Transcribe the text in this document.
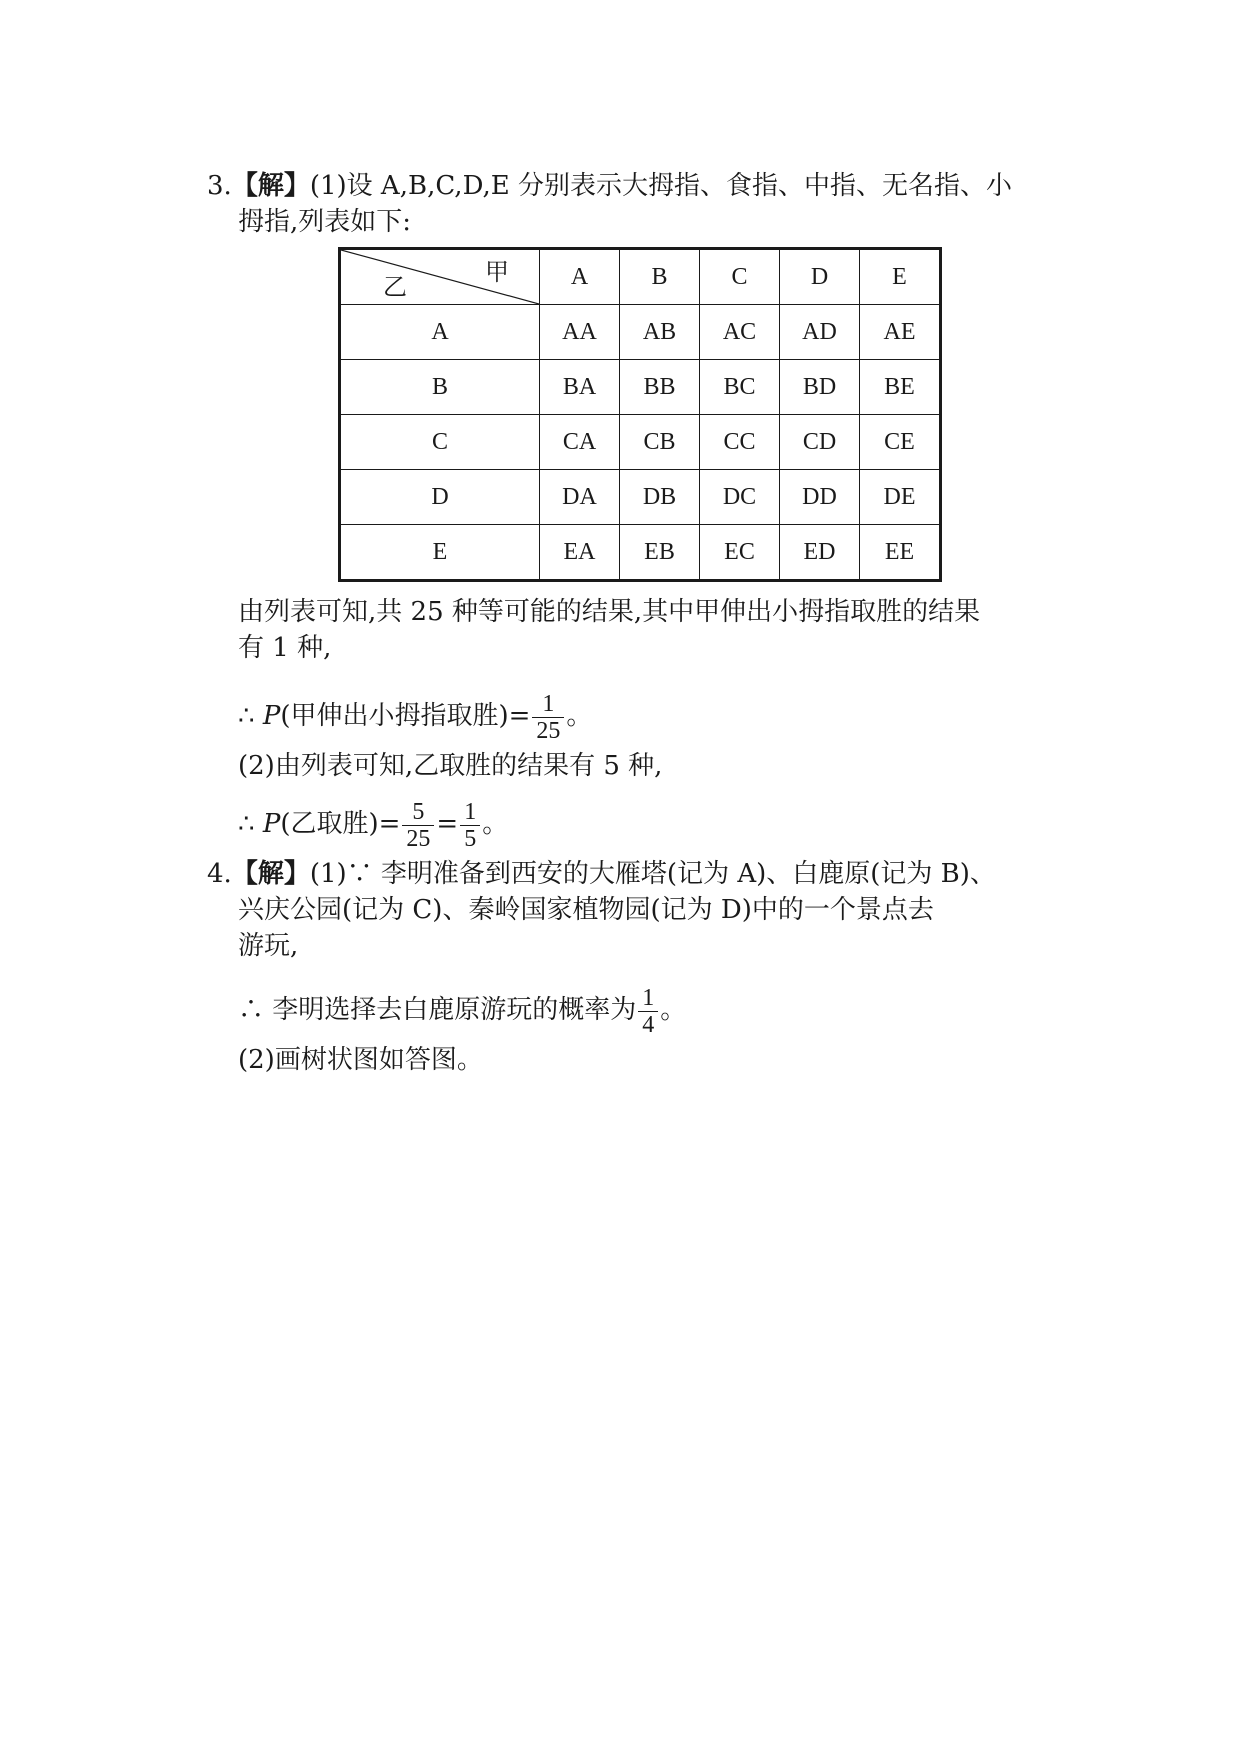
3.【解】(1)设 A,B,C,D,E 分别表示大拇指、食指、中指、无名指、小
拇指,列表如下:
甲
乙	A	B	C	D	E
A	AA	AB	AC	AD	AE
B	BA	BB	BC	BD	BE
C	CA	CB	CC	CD	CE
D	DA	DB	DC	DD	DE
E	EA	EB	EC	ED	EE
由列表可知,共 25 种等可能的结果,其中甲伸出小拇指取胜的结果
有 1 种,
∴ P(甲伸出小拇指取胜)= $\frac{1}{25}$ 。
(2)由列表可知,乙取胜的结果有 5 种,
∴ P(乙取胜)= $\frac{5}{25} = \frac{1}{5}$ 。
4.【解】(1)∵ 李明准备到西安的大雁塔(记为 A)、白鹿原(记为 B)、
兴庆公园(记为 C)、秦岭国家植物园(记为 D)中的一个景点去
游玩,
∴ 李明选择去白鹿原游玩的概率为 $\frac{1}{4}$ 。
(2)画树状图如答图。
